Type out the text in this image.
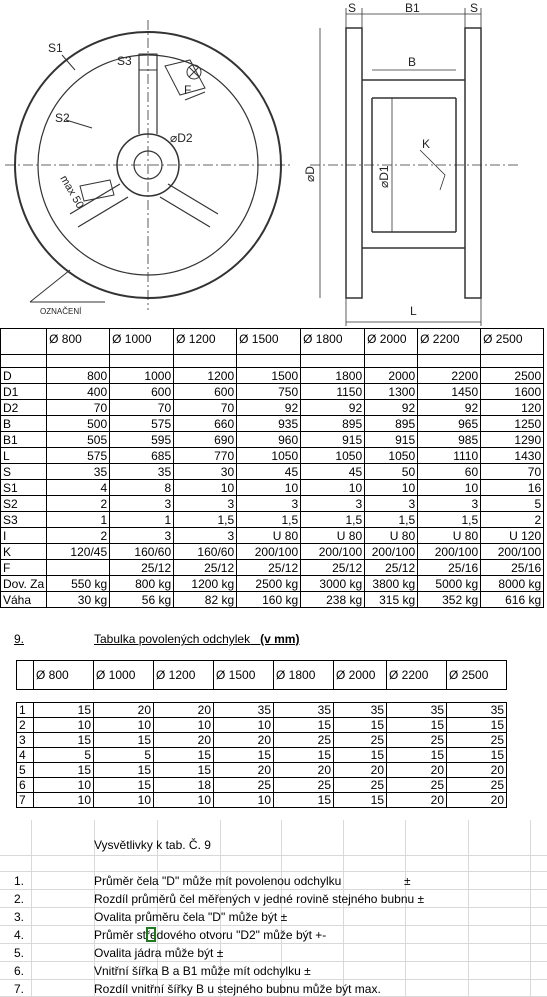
S1
S3
F
S2
⌀D2
max 50
OZNAČENÍ
S	B1	S
B
⌀D	⌀D1
K
L
	Ø 800	Ø 1000	Ø 1200	Ø 1500	Ø 1800	Ø 2000	Ø 2200	Ø 2500

D	800	1000	1200	1500	1800	2000	2200	2500
D1	400	600	600	750	1150	1300	1450	1600
D2	70	70	70	92	92	92	92	120
B	500	575	660	935	895	895	965	1250
B1	505	595	690	960	915	915	985	1290
L	575	685	770	1050	1050	1050	1110	1430
S	35	35	30	45	45	50	60	70
S1	4	8	10	10	10	10	10	16
S2	2	3	3	3	3	3	3	5
S3	1	1	1,5	1,5	1,5	1,5	1,5	2
I	2	3	3	U 80	U 80	U 80	U 80	U 120
K	120/45	160/60	160/60	200/100	200/100	200/100	200/100	200/100
F		25/12	25/12	25/12	25/12	25/12	25/16	25/16
Dov. Za	550 kg	800 kg	1200 kg	2500 kg	3000 kg	3800 kg	5000 kg	8000 kg
Váha	30 kg	56 kg	82 kg	160 kg	238 kg	315 kg	352 kg	616 kg
9.	Tabulka povolených odchylek (v mm)
	Ø 800	Ø 1000	Ø 1200	Ø 1500	Ø 1800	Ø 2000	Ø 2200	Ø 2500

1	15	20	20	35	35	35	35	35
2	10	10	10	10	15	15	15	15
3	15	15	20	20	25	25	25	25
4	5	5	15	15	15	15	15	15
5	15	15	15	20	20	20	20	20
6	10	15	18	25	25	25	25	25
7	10	10	10	10	15	15	20	20
Vysvětlivky k tab. Č. 9
1.	Průměr čela "D" může mít povolenou odchylku	±
2.	Rozdíl průměrů čel měřených v jedné rovině stejného bubnu ±
3.	Ovalita průměru čela "D" může být ±
4.	Průměr středového otvoru "D2" může být +-
5.	Ovalita jádra může být ±
6.	Vnitřní šířka B a B1 může mít odchylku ±
7.	Rozdíl vnitřní šířky B u stejného bubnu může být max.
